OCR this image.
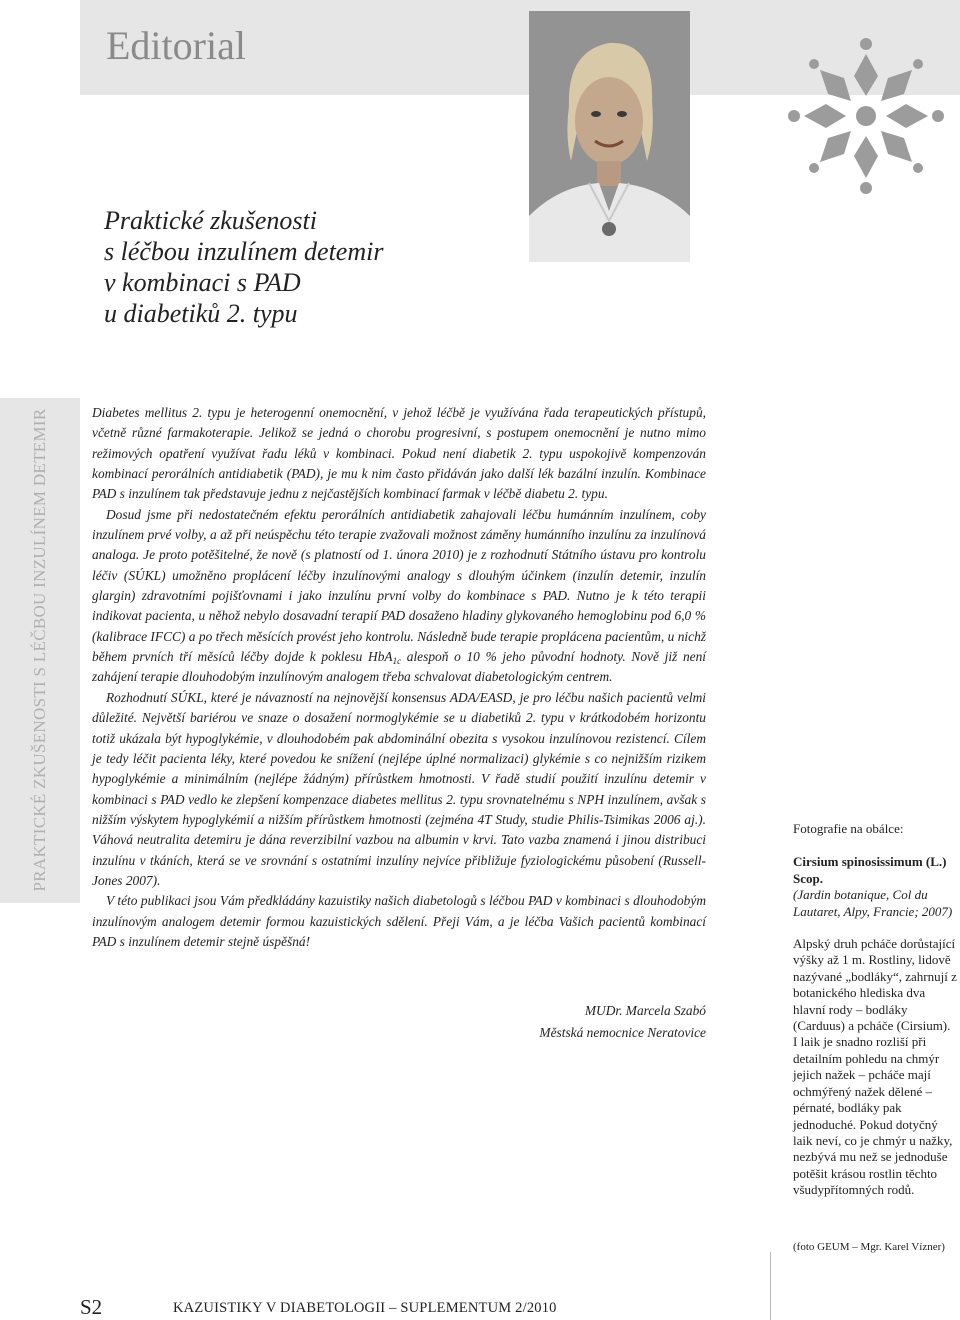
Editorial
Praktické zkušenosti
s léčbou inzulínem detemir
v kombinaci s PAD
u diabetiků 2. typu
PRAKTICKÉ ZKUŠENOSTI S LÉČBOU INZULÍNEM DETEMIR	Diabetes mellitus 2. typu je heterogenní onemocnění, v jehož léčbě je využívána řada terapeutických přístupů, včetně různé farmakoterapie. Jelikož se jedná o chorobu progresivní, s postupem onemocnění je nutno mimo režimových opatření využívat řadu léků v kombinaci. Pokud není diabetik 2. typu uspokojivě kompenzován kombinací perorálních antidiabetik (PAD), je mu k nim často přidáván jako další lék bazální inzulín. Kombinace PAD s inzulínem tak představuje jednu z nejčastějších kombinací farmak v léčbě diabetu 2. typu.

Dosud jsme při nedostatečném efektu perorálních antidiabetik zahajovali léčbu humánním inzulínem, coby inzulínem prvé volby, a až při neúspěchu této terapie zvažovali možnost záměny humánního inzulínu za inzulínová analoga. Je proto potěšitelné, že nově (s platností od 1. února 2010) je z rozhodnutí Státního ústavu pro kontrolu léčiv (SÚKL) umožněno proplácení léčby inzulínovými analogy s dlouhým účinkem (inzulín detemir, inzulín glargin) zdravotními pojišťovnami i jako inzulínu první volby do kombinace s PAD. Nutno je k této terapii indikovat pacienta, u něhož nebylo dosavadní terapií PAD dosaženo hladiny glykovaného hemoglobinu pod 6,0 % (kalibrace IFCC) a po třech měsících provést jeho kontrolu. Následně bude terapie proplácena pacientům, u nichž během prvních tří měsíců léčby dojde k poklesu HbA$_{1c}$ alespoň o 10 % jeho původní hodnoty. Nově již není zahájení terapie dlouhodobým inzulínovým analogem třeba schvalovat diabetologickým centrem.

Rozhodnutí SÚKL, které je návazností na nejnovější konsensus ADA/EASD, je pro léčbu našich pacientů velmi důležité. Největší bariérou ve snaze o dosažení normoglykémie se u diabetiků 2. typu v krátkodobém horizontu totiž ukázala být hypoglykémie, v dlouhodobém pak abdominální obezita s vysokou inzulínovou rezistencí. Cílem je tedy léčit pacienta léky, které povedou ke snížení (nejlépe úplné normalizaci) glykémie s co nejnižším rizikem hypoglykémie a minimálním (nejlépe žádným) přírůstkem hmotnosti. V řadě studií použití inzulínu detemir v kombinaci s PAD vedlo ke zlepšení kompenzace diabetes mellitus 2. typu srovnatelnému s NPH inzulínem, avšak s nižším výskytem hypoglykémií a nižším přírůstkem hmotnosti (zejména 4T Study, studie Philis-Tsimikas 2006 aj.). Váhová neutralita detemiru je dána reverzibilní vazbou na albumin v krvi. Tato vazba znamená i jinou distribuci inzulínu v tkáních, která se ve srovnání s ostatními inzulíny nejvíce přibližuje fyziologickému působení (Russell-Jones 2007).

V této publikaci jsou Vám předkládány kazuistiky našich diabetologů s léčbou PAD v kombinaci s dlouhodobým inzulínovým analogem detemir formou kazuistických sdělení. Přeji Vám, a je léčba Vašich pacientů kombinací PAD s inzulínem detemir stejně úspěšná!

MUDr. Marcela Szabó
Městská nemocnice Neratovice
Fotografie na obálce:
Cirsium spinosissimum (L.) Scop.
(Jardin botanique, Col du Lautaret, Alpy, Francie; 2007)
Alpský druh pcháče dorůstající výšky až 1 m. Rostliny, lidově nazývané „bodláky“, zahrnují z botanického hlediska dva hlavní rody – bodláky (Carduus) a pcháče (Cirsium). I laik je snadno rozliší při detailním pohledu na chmýr jejich nažek – pcháče mají ochmýřený nažek dělené – pérnaté, bodláky pak jednoduché. Pokud dotyčný laik neví, co je chmýr u nažky, nezbývá mu než se jednoduše potěšit krásou rostlin těchto všudypřítomných rodů.
(foto GEUM – Mgr. Karel Vízner)
S2	KAZUISTIKY V DIABETOLOGII – SUPLEMENTUM 2/2010
